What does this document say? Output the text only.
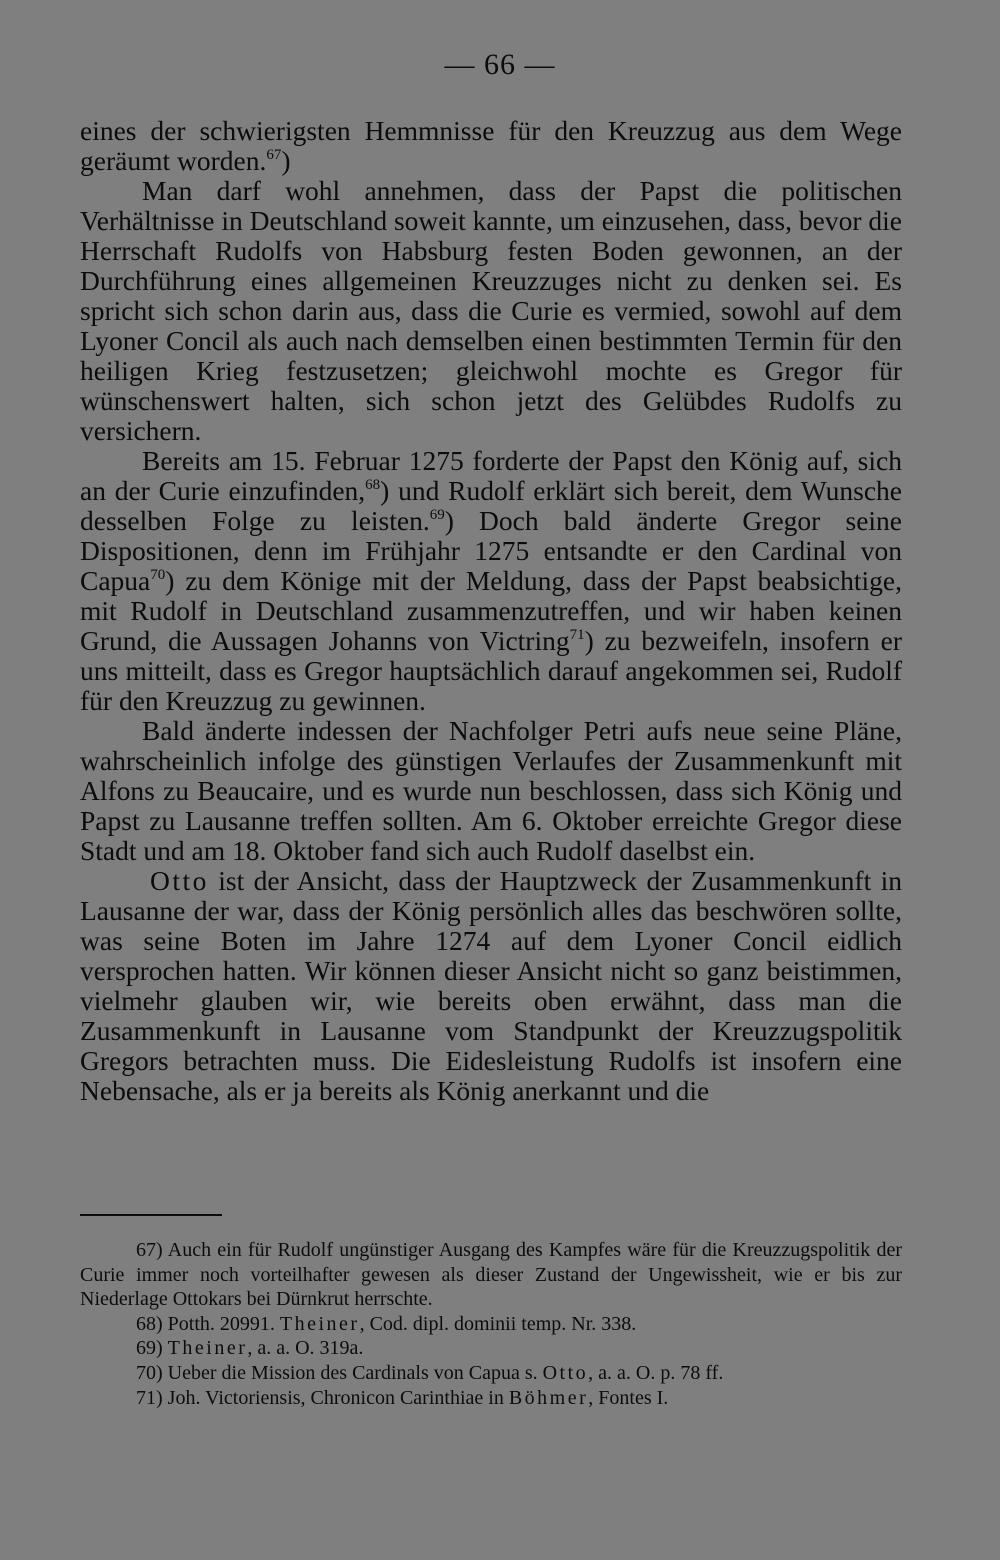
— 66 —

eines der schwierigsten Hemmnisse für den Kreuzzug aus dem Wege geräumt worden.$^{67}$)

Man darf wohl annehmen, dass der Papst die politischen Verhältnisse in Deutschland soweit kannte, um einzusehen, dass, bevor die Herrschaft Rudolfs von Habsburg festen Boden gewonnen, an der Durchführung eines allgemeinen Kreuzzuges nicht zu denken sei. Es spricht sich schon darin aus, dass die Curie es vermied, sowohl auf dem Lyoner Concil als auch nach demselben einen bestimmten Termin für den heiligen Krieg festzusetzen; gleichwohl mochte es Gregor für wünschenswert halten, sich schon jetzt des Gelübdes Rudolfs zu versichern.

Bereits am 15. Februar 1275 forderte der Papst den König auf, sich an der Curie einzufinden,$^{68}$) und Rudolf erklärt sich bereit, dem Wunsche desselben Folge zu leisten.$^{69}$) Doch bald änderte Gregor seine Dispositionen, denn im Frühjahr 1275 entsandte er den Cardinal von Capua$^{70}$) zu dem Könige mit der Meldung, dass der Papst beabsichtige, mit Rudolf in Deutschland zusammenzutreffen, und wir haben keinen Grund, die Aussagen Johanns von Victring$^{71}$) zu bezweifeln, insofern er uns mitteilt, dass es Gregor hauptsächlich darauf angekommen sei, Rudolf für den Kreuzzug zu gewinnen.

Bald änderte indessen der Nachfolger Petri aufs neue seine Pläne, wahrscheinlich infolge des günstigen Verlaufes der Zusammenkunft mit Alfons zu Beaucaire, und es wurde nun beschlossen, dass sich König und Papst zu Lausanne treffen sollten. Am 6. Oktober erreichte Gregor diese Stadt und am 18. Oktober fand sich auch Rudolf daselbst ein.

Otto ist der Ansicht, dass der Hauptzweck der Zusammenkunft in Lausanne der war, dass der König persönlich alles das beschwören sollte, was seine Boten im Jahre 1274 auf dem Lyoner Concil eidlich versprochen hatten. Wir können dieser Ansicht nicht so ganz beistimmen, vielmehr glauben wir, wie bereits oben erwähnt, dass man die Zusammenkunft in Lausanne vom Standpunkt der Kreuzzugspolitik Gregors betrachten muss. Die Eidesleistung Rudolfs ist insofern eine Nebensache, als er ja bereits als König anerkannt und die

67) Auch ein für Rudolf ungünstiger Ausgang des Kampfes wäre für die Kreuzzugspolitik der Curie immer noch vorteilhafter gewesen als dieser Zustand der Ungewissheit, wie er bis zur Niederlage Ottokars bei Dürnkrut herrschte.

68) Potth. 20991. Theiner, Cod. dipl. dominii temp. Nr. 338.

69) Theiner, a. a. O. 319a.

70) Ueber die Mission des Cardinals von Capua s. Otto, a. a. O. p. 78 ff.

71) Joh. Victoriensis, Chronicon Carinthiae in Böhmer, Fontes I.
